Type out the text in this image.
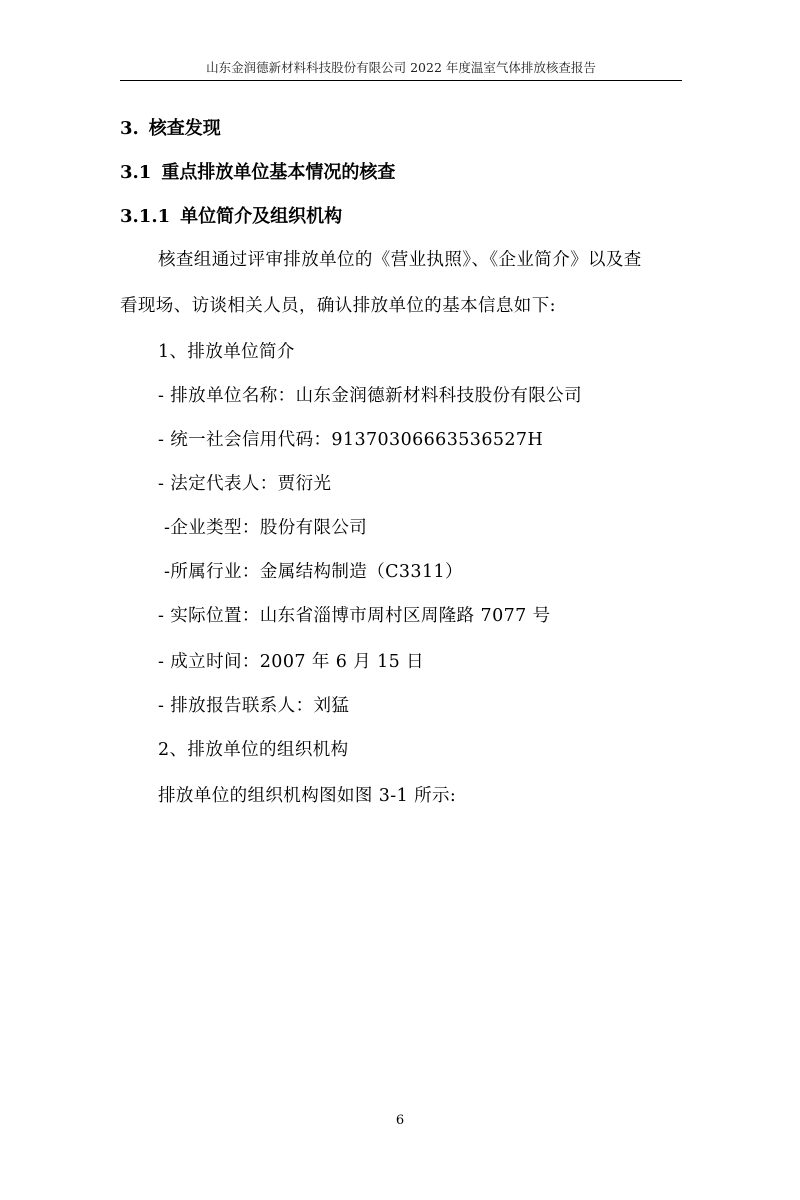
山东金润德新材料科技股份有限公司 2022 年度温室气体排放核查报告
3. 核查发现
3.1 重点排放单位基本情况的核查
3.1.1 单位简介及组织机构
核查组通过评审排放单位的《营业执照》、《企业简介》以及查
看现场、访谈相关人员，确认排放单位的基本信息如下:
1、排放单位简介
- 排放单位名称：山东金润德新材料科技股份有限公司
- 统一社会信用代码：91370306663536527H
- 法定代表人：贾衍光
-企业类型：股份有限公司
-所属行业：金属结构制造（C3311）
- 实际位置：山东省淄博市周村区周隆路 7077 号
- 成立时间：2007 年 6 月 15 日
- 排放报告联系人：刘猛
2、排放单位的组织机构
排放单位的组织机构图如图 3-1 所示:
6
